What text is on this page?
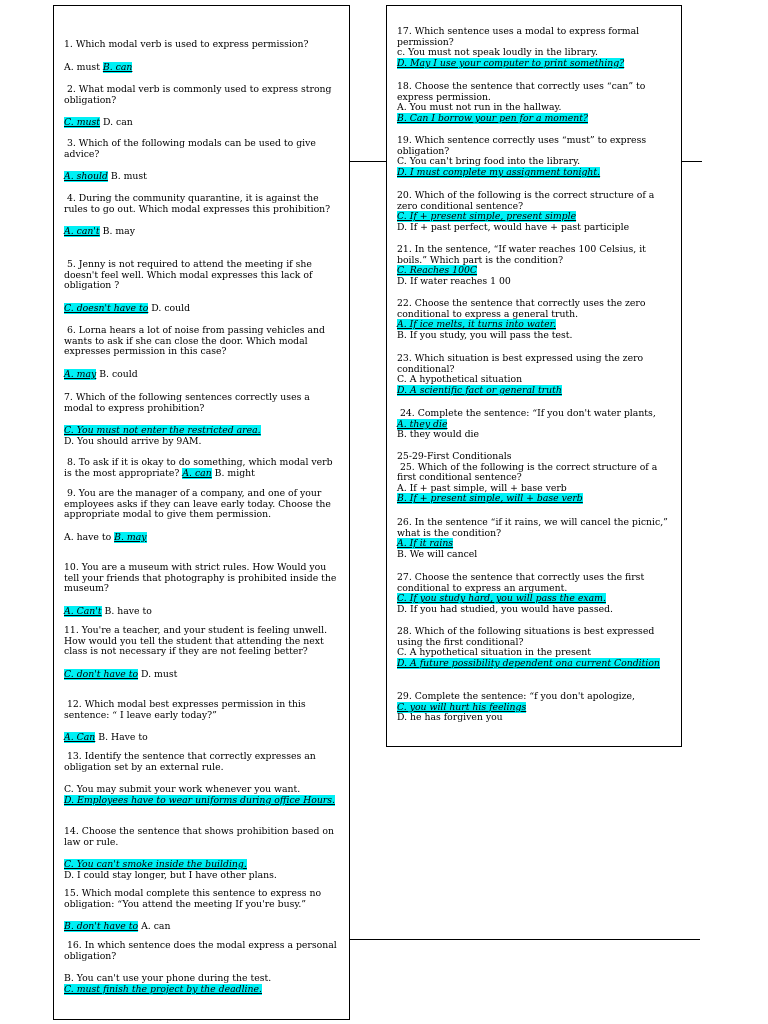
1. Which modal verb is used to express permission?

A. must B. can

2. What modal verb is commonly used to express strong obligation?

C. must D. can

3. Which of the following modals can be used to give advice?

A. should B. must

4. During the community quarantine, it is against the rules to go out. Which modal expresses this prohibition?

A. can't B. may

5. Jenny is not required to attend the meeting if she doesn't feel well. Which modal expresses this lack of obligation ?

C. doesn't have to D. could

6. Lorna hears a lot of noise from passing vehicles and wants to ask if she can close the door. Which modal expresses permission in this case?

A. may B. could

7. Which of the following sentences correctly uses a modal to express prohibition?

C. You must not enter the restricted area.

D. You should arrive by 9AM.

8. To ask if it is okay to do something, which modal verb is the most appropriate? A. can B. might

9. You are the manager of a company, and one of your employees asks if they can leave early today. Choose the appropriate modal to give them permission.

A. have to B. may

10. You are a museum with strict rules. How Would you tell your friends that photography is prohibited inside the museum?

A. Can't B. have to

11. You're a teacher, and your student is feeling unwell. How would you tell the student that attending the next class is not necessary if they are not feeling better?

C. don't have to D. must

12. Which modal best expresses permission in this sentence: “ I leave early today?”

A. Can B. Have to

13. Identify the sentence that correctly expresses an obligation set by an external rule.

C. You may submit your work whenever you want.

D. Employees have to wear uniforms during office Hours.

14. Choose the sentence that shows prohibition based on law or rule.

C. You can't smoke inside the building.

D. I could stay longer, but I have other plans.

15. Which modal complete this sentence to express no obligation: “You attend the meeting If you're busy.”

B. don't have to A. can

16. In which sentence does the modal express a personal obligation?

B. You can't use your phone during the test.

C. must finish the project by the deadline.

17. Which sentence uses a modal to express formal permission?

c. You must not speak loudly in the library.

D. May I use your computer to print something?

18. Choose the sentence that correctly uses “can” to express permission.

A. You must not run in the hallway.

B. Can I borrow your pen for a moment?

19. Which sentence correctly uses “must” to express obligation?

C. You can't bring food into the library.

D. I must complete my assignment tonight.

20. Which of the following is the correct structure of a zero conditional sentence?

C. If + present simple, present simple

D. If + past perfect, would have + past participle

21. In the sentence, “If water reaches 100 Celsius, it boils.” Which part is the condition?

C. Reaches 100C

D. If water reaches 1 00

22. Choose the sentence that correctly uses the zero conditional to express a general truth.

A. If ice melts, it turns into water.

B. If you study, you will pass the test.

23. Which situation is best expressed using the zero conditional?

C. A hypothetical situation

D. A scientific fact or general truth

24. Complete the sentence: “If you don't water plants,

A. they die

B. they would die

25-29-First Conditionals
25. Which of the following is the correct structure of a first conditional sentence?

A. If + past simple, will + base verb

B. If + present simple, will + base verb

26. In the sentence “if it rains, we will cancel the picnic,” what is the condition?

A. If it rains

B. We will cancel

27. Choose the sentence that correctly uses the first conditional to express an argument.

C. If you study hard, you will pass the exam.

D. If you had studied, you would have passed.

28. Which of the following situations is best expressed using the first conditional?

C. A hypothetical situation in the present

D. A future possibility dependent ona current Condition

29. Complete the sentence: “f you don't apologize,

C. you will hurt his feelings

D. he has forgiven you
